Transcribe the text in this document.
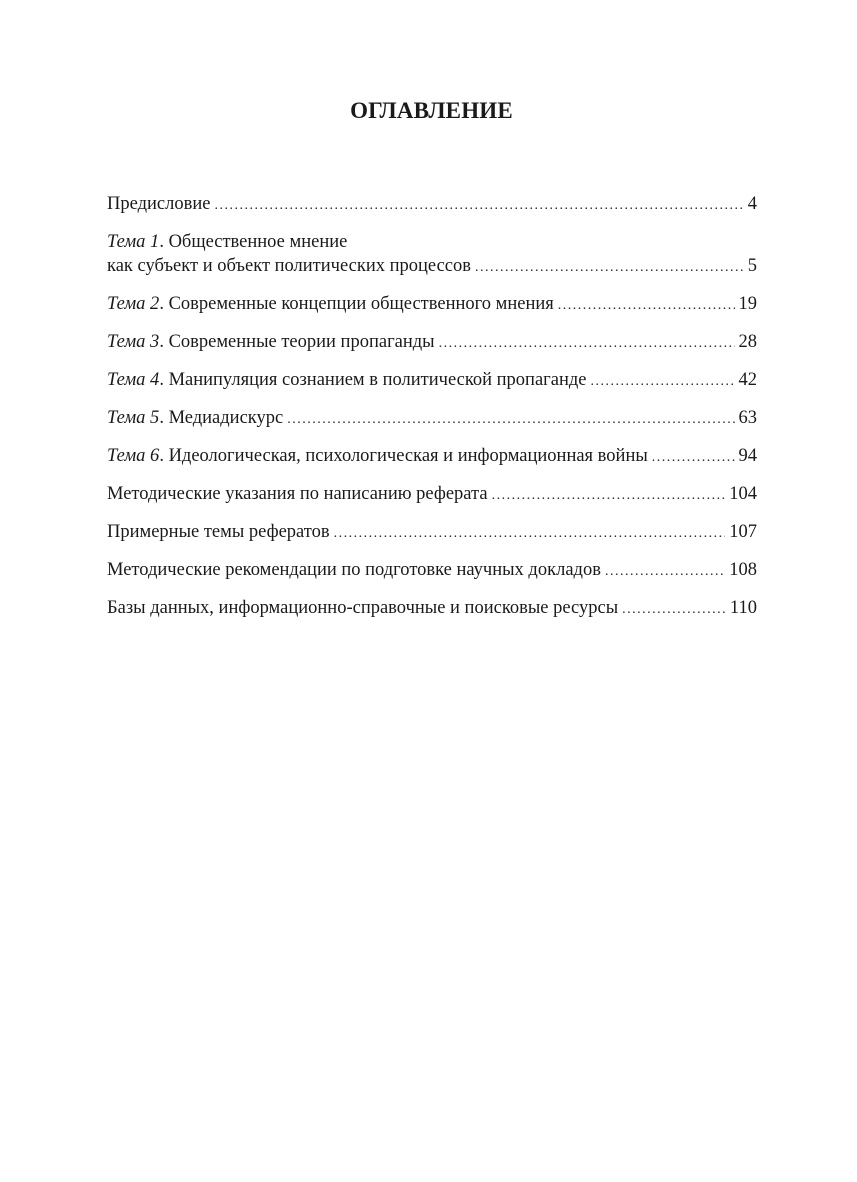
ОГЛАВЛЕНИЕ
Предисловие .....	4
Тема 1. Общественное мнение
как субъект и объект политических процессов .....	5
Тема 2. Современные концепции общественного мнения .....	19
Тема 3. Современные теории пропаганды .....	28
Тема 4. Манипуляция сознанием в политической пропаганде .....	42
Тема 5. Медиадискурс .....	63
Тема 6. Идеологическая, психологическая и информационная войны .....	94
Методические указания по написанию реферата .....	104
Примерные темы рефератов .....	107
Методические рекомендации по подготовке научных докладов .....	108
Базы данных, информационно-справочные и поисковые ресурсы .....	110
